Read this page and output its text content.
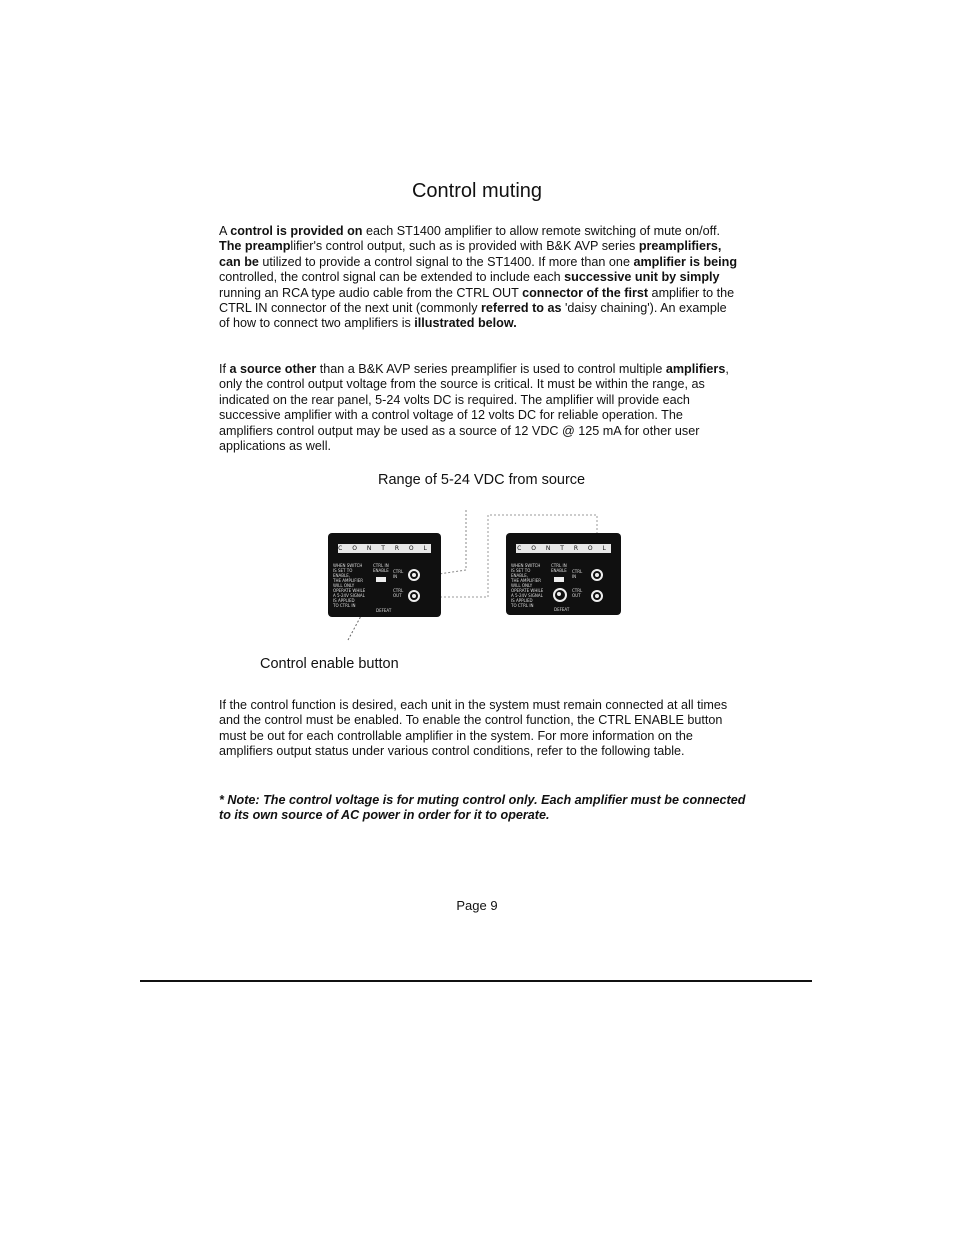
Control muting

A control is provided on each ST1400 amplifier to allow remote switching of mute on/off. The preamplifier's control output, such as is provided with B&K AVP series preamplifiers, can be utilized to provide a control signal to the ST1400. If more than one amplifier is being controlled, the control signal can be extended to include each successive unit by simply running an RCA type audio cable from the CTRL OUT connector of the first amplifier to the CTRL IN connector of the next unit (commonly referred to as 'daisy chaining'). An example of how to connect two amplifiers is illustrated below.

If a source other than a B&K AVP series preamplifier is used to control multiple amplifiers, only the control output voltage from the source is critical. It must be within the range, as indicated on the rear panel, 5-24 volts DC is required. The amplifier will provide each successive amplifier with a control voltage of 12 volts DC for reliable operation. The amplifiers control output may be used as a source of 12 VDC @ 125 mA for other user applications as well.

Range of 5-24 VDC from source
C O N T R O L
WHEN SWITCH
IS SET TO
ENABLE,
THE AMPLIFIER
WILL ONLY
OPERATE WHILE
A 5-24V SIGNAL
IS APPLIED
TO CTRL IN
CTRL IN
ENABLE CTRL
IN
CTRL
OUT
DEFEAT
C O N T R O L
WHEN SWITCH
IS SET TO
ENABLE,
THE AMPLIFIER
WILL ONLY
OPERATE WHILE
A 5-24V SIGNAL
IS APPLIED
TO CTRL IN
CTRL IN
ENABLE CTRL
IN
CTRL
OUT
DEFEAT
Control enable button

If the control function is desired, each unit in the system must remain connected at all times and the control must be enabled. To enable the control function, the CTRL ENABLE button must be out for each controllable amplifier in the system. For more information on the amplifiers output status under various control conditions, refer to the following table.

* Note: The control voltage is for muting control only. Each amplifier must be connected to its own source of AC power in order for it to operate.

Page 9
